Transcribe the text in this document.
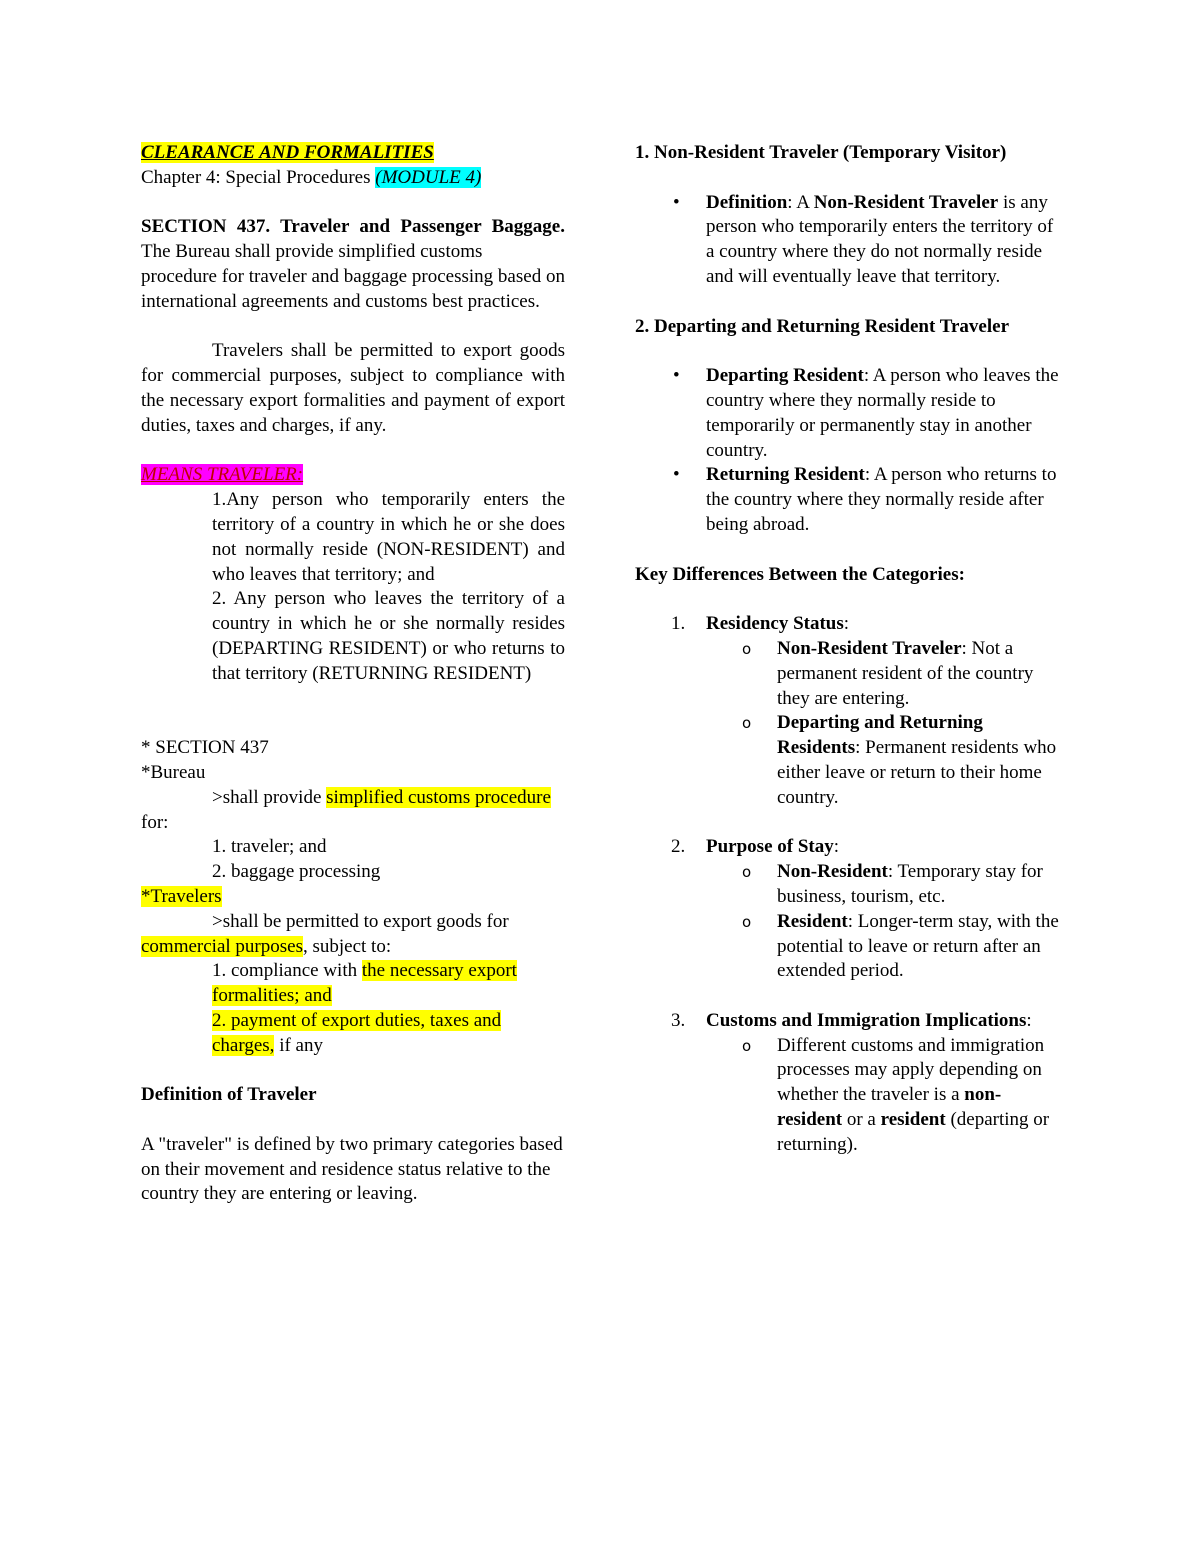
CLEARANCE AND FORMALITIES

Chapter 4: Special Procedures (MODULE 4)

SECTION 437. Traveler and Passenger Baggage. The Bureau shall provide simplified customs

procedure for traveler and baggage processing based on international agreements and customs best practices.

Travelers shall be permitted to export goods for commercial purposes, subject to compliance with the necessary export formalities and payment of export duties, taxes and charges, if any.

MEANS TRAVELER:

1.Any person who temporarily enters the territory of a country in which he or she does not normally reside (NON-RESIDENT) and who leaves that territory; and

2. Any person who leaves the territory of a country in which he or she normally resides (DEPARTING RESIDENT) or who returns to that territory (RETURNING RESIDENT)

* SECTION 437

*Bureau

>shall provide simplified customs procedure for:

1. traveler; and

2. baggage processing

*Travelers

>shall be permitted to export goods for commercial purposes, subject to:

1. compliance with the necessary export formalities; and

2. payment of export duties, taxes and charges, if any

Definition of Traveler

A "traveler" is defined by two primary categories based on their movement and residence status relative to the country they are entering or leaving.

1. Non-Resident Traveler (Temporary Visitor)

• Definition: A Non-Resident Traveler is any person who temporarily enters the territory of a country where they do not normally reside and will eventually leave that territory.

2. Departing and Returning Resident Traveler

• Departing Resident: A person who leaves the country where they normally reside to temporarily or permanently stay in another country.
• Returning Resident: A person who returns to the country where they normally reside after being abroad.

Key Differences Between the Categories:

1. Residency Status:

o Non-Resident Traveler: Not a permanent resident of the country they are entering.
o Departing and Returning Residents: Permanent residents who either leave or return to their home country.
2. Purpose of Stay:

o Non-Resident: Temporary stay for business, tourism, etc.
o Resident: Longer-term stay, with the potential to leave or return after an extended period.
3. Customs and Immigration Implications:

o Different customs and immigration processes may apply depending on whether the traveler is a non-resident or a resident (departing or returning).
